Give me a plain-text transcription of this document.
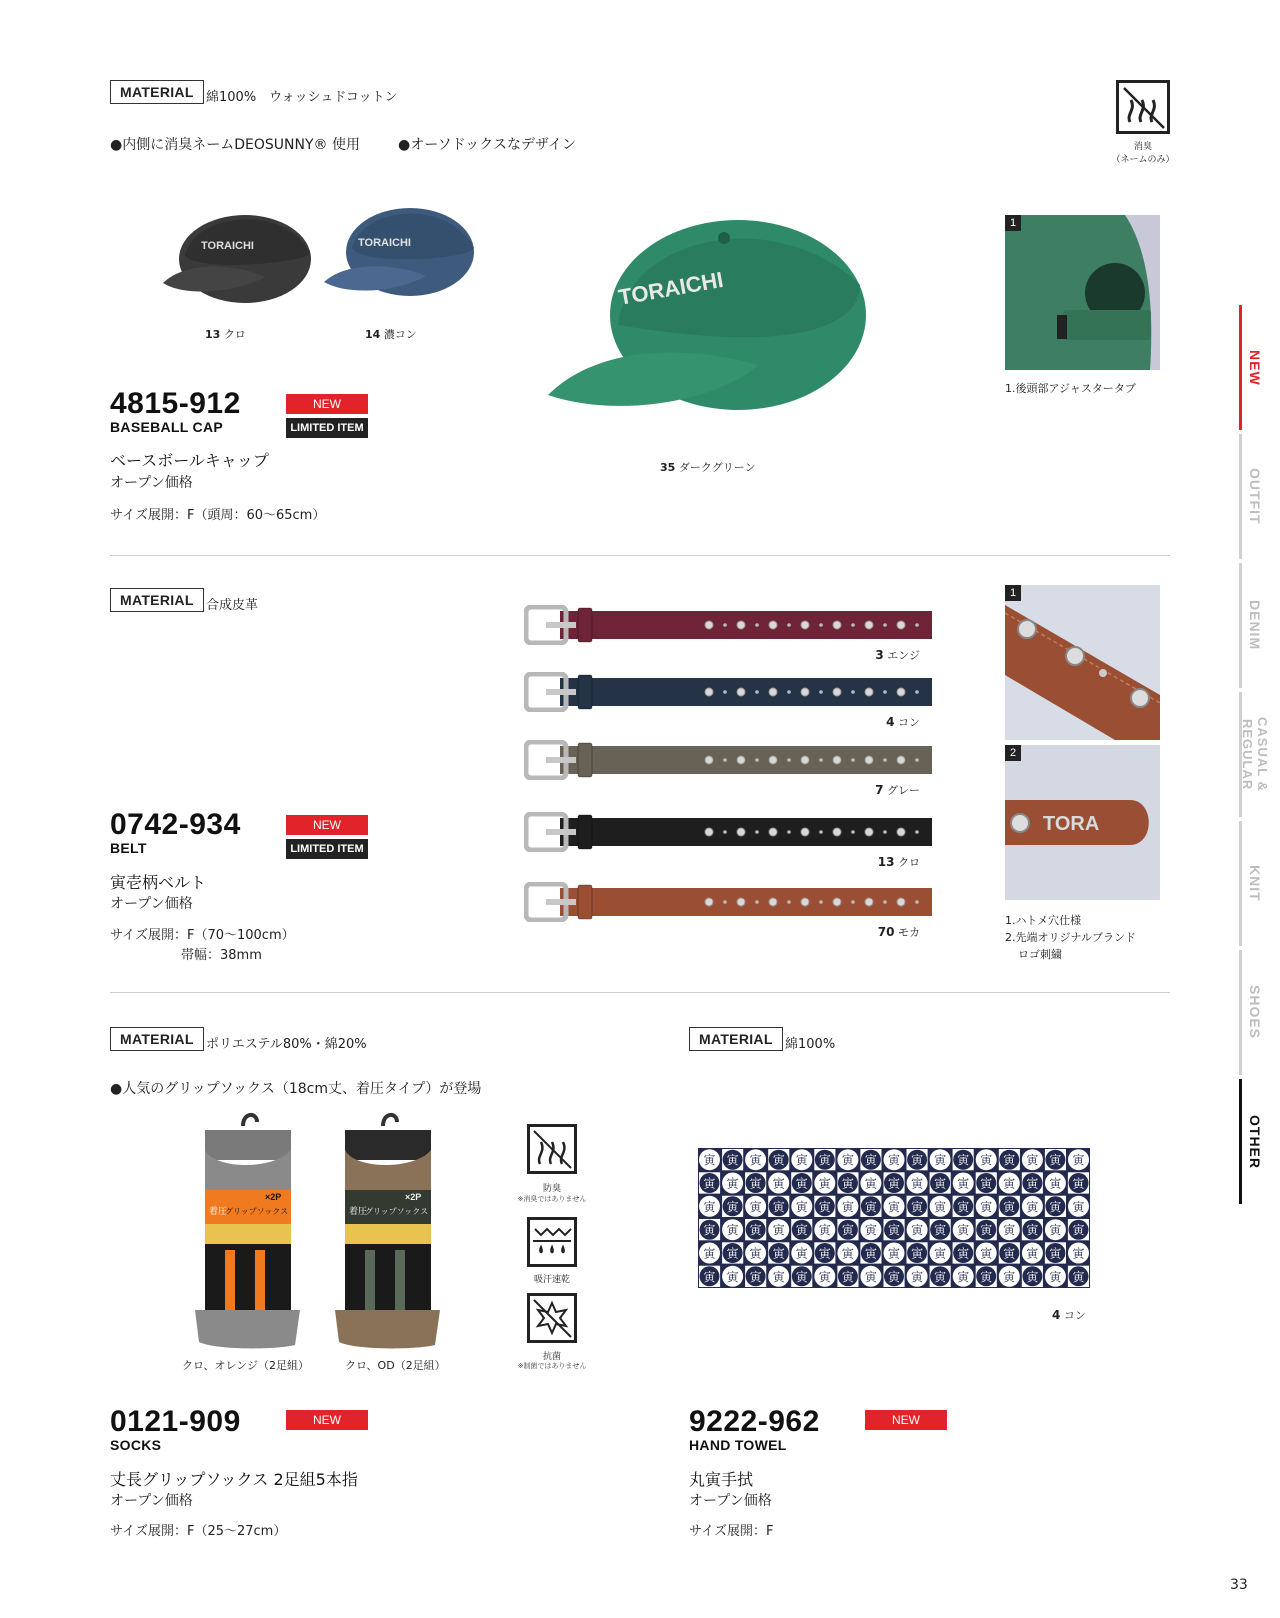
MATERIAL 綿100%　ウォッシュドコットン
●内側に消臭ネームDEOSUNNY® 使用	●オーソドックスなデザイン	消臭
（ネームのみ）
TORAICHI
13 クロ
TORAICHI
14 濃コン
TORAICHI
35 ダークグリーン
1
1.後頭部アジャスタータブ
4815-912
BASEBALL CAP
NEW
LIMITED ITEM
ベースボールキャップ
オープン価格
サイズ展開：F（頭周：60〜65cm）
MATERIAL 合成皮革
3 エンジ
4 コン
7 グレー
13 クロ
70 モカ
1
TORA
2
1.ハトメ穴仕様
2.先端オリジナルブランド
ロゴ刺繍
0742-934
BELT
NEW
LIMITED ITEM
寅壱柄ベルト
オープン価格
サイズ展開：F（70〜100cm）
帯幅：38mm
MATERIAL ポリエステル80%・綿20%
●人気のグリップソックス（18cm丈、着圧タイプ）が登場
着圧
グリップソックス
×2P
クロ、オレンジ（2足組）
着圧
グリップソックス
×2P
クロ、OD（2足組）
防臭
※消臭ではありません
吸汗速乾
抗菌
※制菌ではありません
0121-909
SOCKS
NEW
丈長グリップソックス 2足組5本指
オープン価格
サイズ展開：F（25〜27cm）
MATERIAL 綿100%
寅 寅 寅 寅 寅 寅 寅 寅 寅 寅 寅 寅 寅 寅 寅 寅 寅
寅 寅 寅 寅 寅 寅 寅 寅 寅 寅 寅 寅 寅 寅 寅 寅 寅
寅 寅 寅 寅 寅 寅 寅 寅 寅 寅 寅 寅 寅 寅 寅 寅 寅
寅 寅 寅 寅 寅 寅 寅 寅 寅 寅 寅 寅 寅 寅 寅 寅 寅
寅 寅 寅 寅 寅 寅 寅 寅 寅 寅 寅 寅 寅 寅 寅 寅 寅
寅 寅 寅 寅 寅 寅 寅 寅 寅 寅 寅 寅 寅 寅 寅 寅 寅
4 コン
9222-962
HAND TOWEL
NEW
丸寅手拭
オープン価格
サイズ展開：F
NEW
OUTFIT
DENIM
CASUAL & REGULAR
KNIT
SHOES
OTHER
33
